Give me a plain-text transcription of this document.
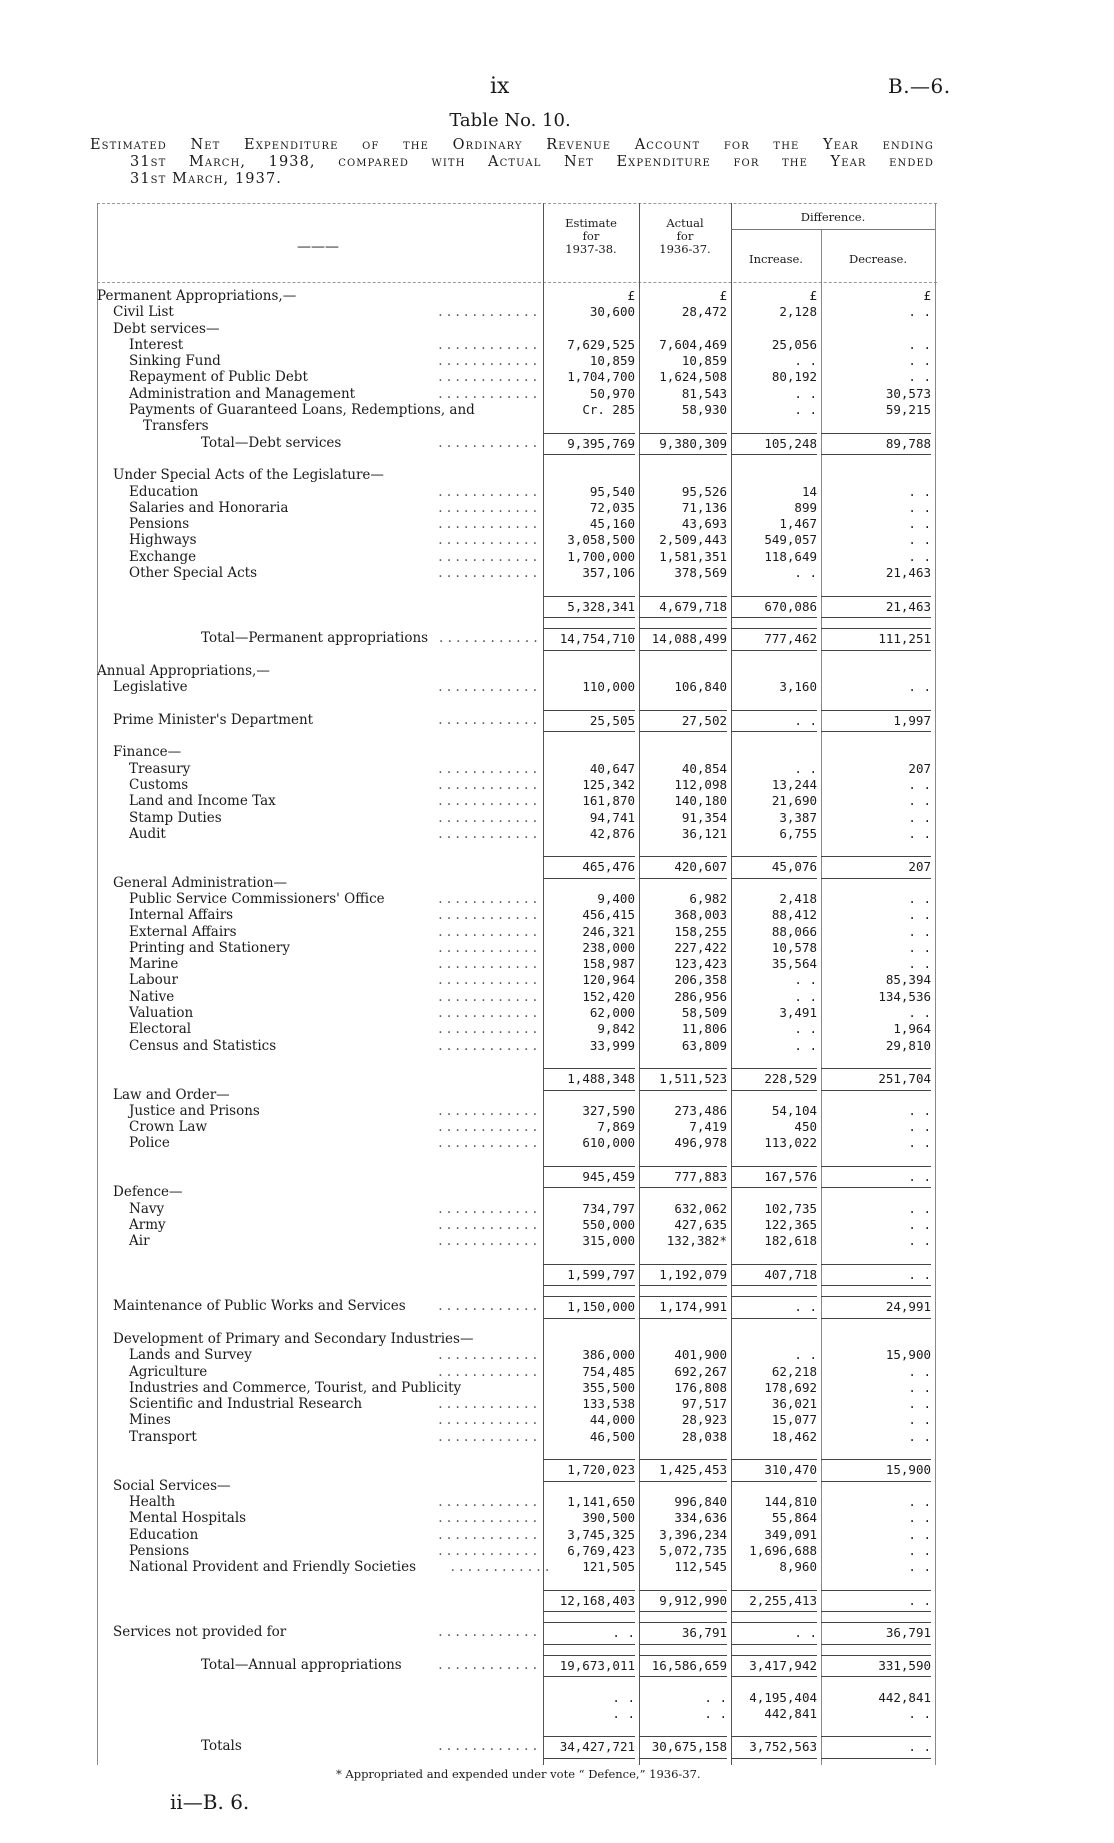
ix	B.—6.
Table No. 10.
Estimated Net Expenditure of the Ordinary Revenue Account for the Year ending
31st March, 1938, compared with Actual Net Expenditure for the Year ended
31st March, 1937.
———
Estimate
for
1937-38.
Actual
for
1936-37.
Difference.
Increase.	Decrease.
Permanent Appropriations,—	£	£	£	£
Civil List	. . . . . . . . . . . .	30,600	28,472	2,128	. .
Debt services—
Interest	. . . . . . . . . . . .	7,629,525	7,604,469	25,056	. .
Sinking Fund	. . . . . . . . . . . .	10,859	10,859	. .	. .
Repayment of Public Debt	. . . . . . . . . . . .	1,704,700	1,624,508	80,192	. .
Administration and Management	. . . . . . . . . . . .	50,970	81,543	. .	30,573
Payments of Guaranteed Loans, Redemptions, and	Cr. 285	58,930	. .	59,215
Transfers
Total—Debt services	. . . . . . . . . . . .	9,395,769	9,380,309	105,248	89,788
Under Special Acts of the Legislature—
Education	. . . . . . . . . . . .	95,540	95,526	14	. .
Salaries and Honoraria	. . . . . . . . . . . .	72,035	71,136	899	. .
Pensions	. . . . . . . . . . . .	45,160	43,693	1,467	. .
Highways	. . . . . . . . . . . .	3,058,500	2,509,443	549,057	. .
Exchange	. . . . . . . . . . . .	1,700,000	1,581,351	118,649	. .
Other Special Acts	. . . . . . . . . . . .	357,106	378,569	. .	21,463
5,328,341	4,679,718	670,086	21,463
Total—Permanent appropriations . . . . . . . . . . . .	14,754,710	14,088,499	777,462	111,251
Annual Appropriations,—
Legislative	. . . . . . . . . . . .	110,000	106,840	3,160	. .
Prime Minister's Department	. . . . . . . . . . . .	25,505	27,502	. .	1,997
Finance—
Treasury	. . . . . . . . . . . .	40,647	40,854	. .	207
Customs	. . . . . . . . . . . .	125,342	112,098	13,244	. .
Land and Income Tax	. . . . . . . . . . . .	161,870	140,180	21,690	. .
Stamp Duties	. . . . . . . . . . . .	94,741	91,354	3,387	. .
Audit	. . . . . . . . . . . .	42,876	36,121	6,755	. .
465,476	420,607	45,076	207
General Administration—
Public Service Commissioners' Office	. . . . . . . . . . . .	9,400	6,982	2,418	. .
Internal Affairs	. . . . . . . . . . . .	456,415	368,003	88,412	. .
External Affairs	. . . . . . . . . . . .	246,321	158,255	88,066	. .
Printing and Stationery	. . . . . . . . . . . .	238,000	227,422	10,578	. .
Marine	. . . . . . . . . . . .	158,987	123,423	35,564	. .
Labour	. . . . . . . . . . . .	120,964	206,358	. .	85,394
Native	. . . . . . . . . . . .	152,420	286,956	. .	134,536
Valuation	. . . . . . . . . . . .	62,000	58,509	3,491	. .
Electoral	. . . . . . . . . . . .	9,842	11,806	. .	1,964
Census and Statistics	. . . . . . . . . . . .	33,999	63,809	. .	29,810
1,488,348	1,511,523	228,529	251,704
Law and Order—
Justice and Prisons	. . . . . . . . . . . .	327,590	273,486	54,104	. .
Crown Law	. . . . . . . . . . . .	7,869	7,419	450	. .
Police	. . . . . . . . . . . .	610,000	496,978	113,022	. .
945,459	777,883	167,576	. .
Defence—
Navy	. . . . . . . . . . . .	734,797	632,062	102,735	. .
Army	. . . . . . . . . . . .	550,000	427,635	122,365	. .
Air	. . . . . . . . . . . .	315,000	132,382*	182,618	. .
1,599,797	1,192,079	407,718	. .
Maintenance of Public Works and Services	. . . . . . . . . . . .	1,150,000	1,174,991	. .	24,991
Development of Primary and Secondary Industries—
Lands and Survey	. . . . . . . . . . . .	386,000	401,900	. .	15,900
Agriculture	. . . . . . . . . . . .	754,485	692,267	62,218	. .
Industries and Commerce, Tourist, and Publicity	355,500	176,808	178,692	. .
Scientific and Industrial Research	. . . . . . . . . . . .	133,538	97,517	36,021	. .
Mines	. . . . . . . . . . . .	44,000	28,923	15,077	. .
Transport	. . . . . . . . . . . .	46,500	28,038	18,462	. .
1,720,023	1,425,453	310,470	15,900
Social Services—
Health	. . . . . . . . . . . .	1,141,650	996,840	144,810	. .
Mental Hospitals	. . . . . . . . . . . .	390,500	334,636	55,864	. .
Education	. . . . . . . . . . . .	3,745,325	3,396,234	349,091	. .
Pensions	. . . . . . . . . . . .	6,769,423	5,072,735	1,696,688	. .
National Provident and Friendly Societies	. . . . . . . . . . . .	121,505	112,545	8,960	. .
12,168,403	9,912,990	2,255,413	. .
Services not provided for	. . . . . . . . . . . .	. .	36,791	. .	36,791
Total—Annual appropriations	. . . . . . . . . . . .	19,673,011	16,586,659	3,417,942	331,590
. .	. .	4,195,404	442,841
. .	. .	442,841	. .
Totals	. . . . . . . . . . . .	34,427,721	30,675,158	3,752,563	. .
* Appropriated and expended under vote “ Defence,” 1936-37.
ii—B. 6.
